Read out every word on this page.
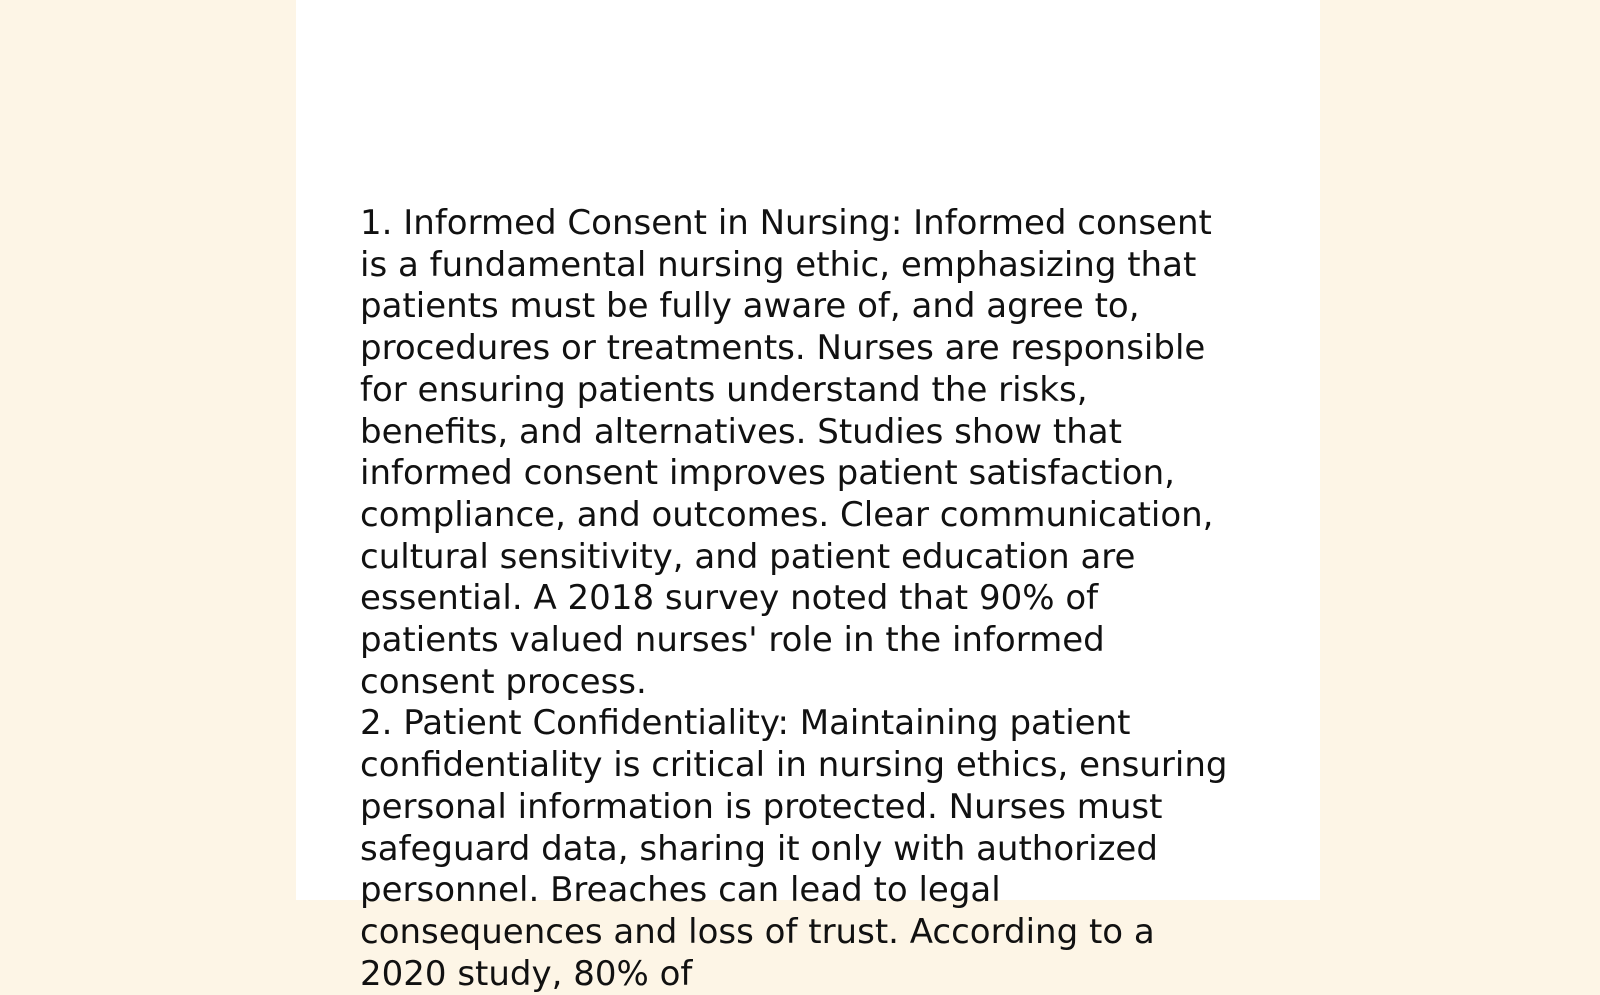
1. Informed Consent in Nursing: Informed consent is a fundamental nursing ethic, emphasizing that patients must be fully aware of, and agree to, procedures or treatments. Nurses are responsible for ensuring patients understand the risks, benefits, and alternatives. Studies show that informed consent improves patient satisfaction, compliance, and outcomes. Clear communication, cultural sensitivity, and patient education are essential. A 2018 survey noted that 90% of patients valued nurses' role in the informed consent process.

2. Patient Confidentiality: Maintaining patient confidentiality is critical in nursing ethics, ensuring personal information is protected. Nurses must safeguard data, sharing it only with authorized personnel. Breaches can lead to legal consequences and loss of trust. According to a 2020 study, 80% of
